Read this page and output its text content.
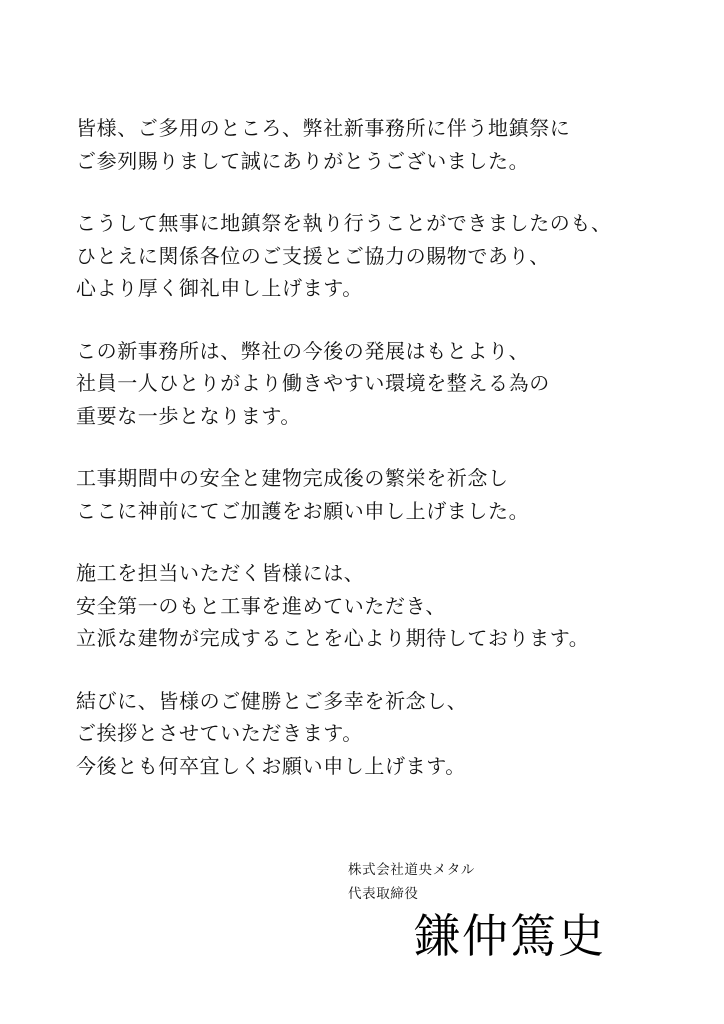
皆様、ご多用のところ、弊社新事務所に伴う地鎮祭に
ご参列賜りまして誠にありがとうございました。

こうして無事に地鎮祭を執り行うことができましたのも、
ひとえに関係各位のご支援とご協力の賜物であり、
心より厚く御礼申し上げます。

この新事務所は、弊社の今後の発展はもとより、
社員一人ひとりがより働きやすい環境を整える為の
重要な一歩となります。

工事期間中の安全と建物完成後の繁栄を祈念し
ここに神前にてご加護をお願い申し上げました。

施工を担当いただく皆様には、
安全第一のもと工事を進めていただき、
立派な建物が完成することを心より期待しております。

結びに、皆様のご健勝とご多幸を祈念し、
ご挨拶とさせていただきます。
今後とも何卒宜しくお願い申し上げます。

株式会社道央メタル
代表取締役
鎌仲篤史
